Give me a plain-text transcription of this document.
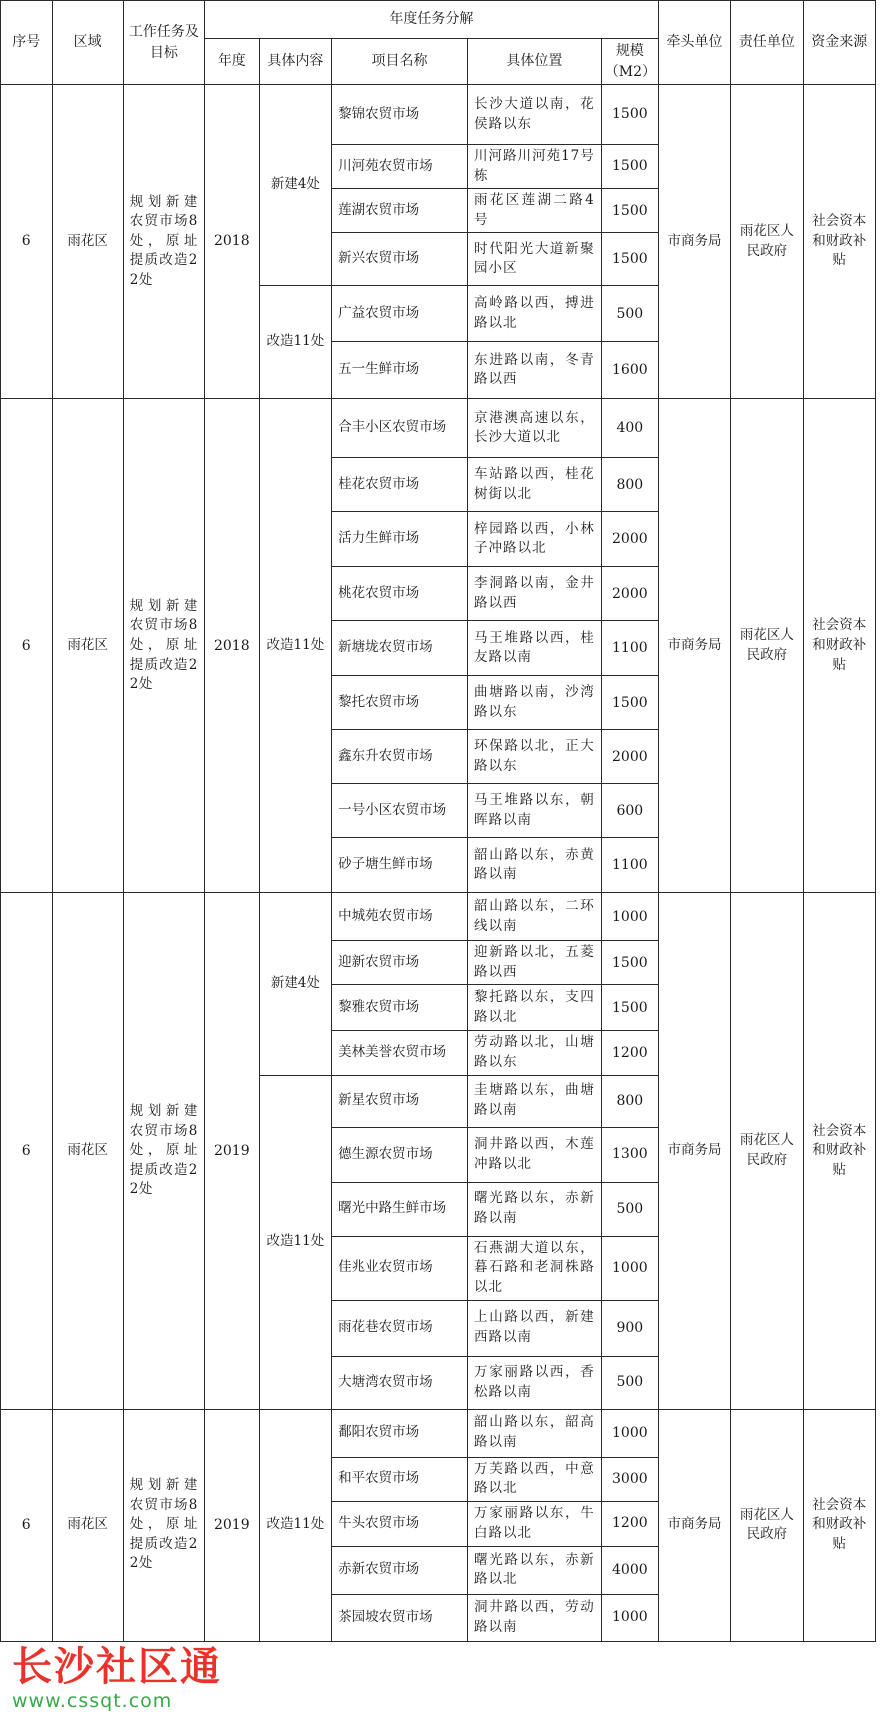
序号	区域	工作任务及目标	年度任务分解					牵头单位	责任单位	资金来源
			年度	具体内容	项目名称	具体位置	规模（M2）			
6	雨花区	规划新建农贸市场8处，原址提质改造22处	2018	新建4处	黎锦农贸市场	长沙大道以南，花侯路以东	1500	市商务局	雨花区人民政府	社会资本和财政补贴
					川河苑农贸市场	川河路川河苑17号栋	1500			
					莲湖农贸市场	雨花区莲湖二路4号	1500			
					新兴农贸市场	时代阳光大道新聚园小区	1500			
				改造11处	广益农贸市场	高岭路以西，搏进路以北	500			
					五一生鲜市场	东进路以南，冬青路以西	1600			
6	雨花区	规划新建农贸市场8处，原址提质改造22处	2018	改造11处	合丰小区农贸市场	京港澳高速以东，长沙大道以北	400	市商务局	雨花区人民政府	社会资本和财政补贴
					桂花农贸市场	车站路以西，桂花树街以北	800			
					活力生鲜市场	梓园路以西，小林子冲路以北	2000			
					桃花农贸市场	李洞路以南，金井路以西	2000			
					新塘垅农贸市场	马王堆路以西，桂友路以南	1100			
					黎托农贸市场	曲塘路以南，沙湾路以东	1500			
					鑫东升农贸市场	环保路以北，正大路以东	2000			
					一号小区农贸市场	马王堆路以东，朝晖路以南	600			
					砂子塘生鲜市场	韶山路以东，赤黄路以南	1100			
6	雨花区	规划新建农贸市场8处，原址提质改造22处	2019	新建4处	中城苑农贸市场	韶山路以东，二环线以南	1000	市商务局	雨花区人民政府	社会资本和财政补贴
					迎新农贸市场	迎新路以北，五菱路以西	1500			
					黎雅农贸市场	黎托路以东，支四路以北	1500			
					美林美誉农贸市场	劳动路以北，山塘路以东	1200			
				改造11处	新星农贸市场	圭塘路以东，曲塘路以南	800			
					德生源农贸市场	洞井路以西，木莲冲路以北	1300			
					曙光中路生鲜市场	曙光路以东，赤新路以南	500			
					佳兆业农贸市场	石燕湖大道以东，暮石路和老洞株路以北	1000			
					雨花巷农贸市场	上山路以西，新建西路以南	900			
					大塘湾农贸市场	万家丽路以西，香松路以南	500			
6	雨花区	规划新建农贸市场8处，原址提质改造22处	2019	改造11处	鄱阳农贸市场	韶山路以东，韶高路以南	1000	市商务局	雨花区人民政府	社会资本和财政补贴
					和平农贸市场	万芙路以西，中意路以北	3000			
					牛头农贸市场	万家丽路以东，牛白路以北	1200			
					赤新农贸市场	曙光路以东，赤新路以北	4000			
					茶园坡农贸市场	洞井路以西，劳动路以南	1000			
长沙社区通
www.cssqt.com
